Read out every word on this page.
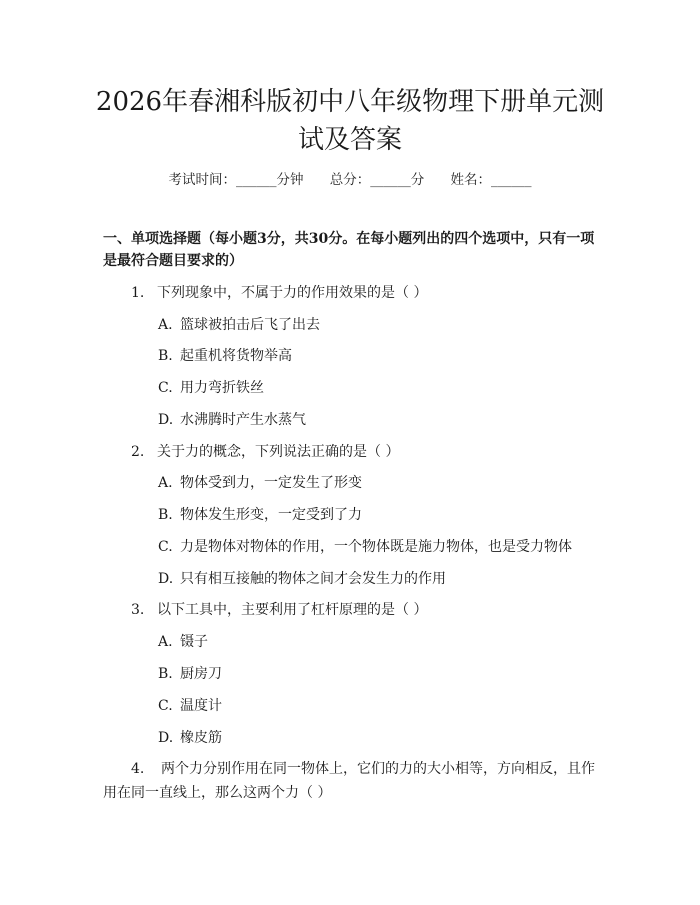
2026年春湘科版初中八年级物理下册单元测
试及答案
考试时间：______分钟 总分：______分 姓名：______

一、单项选择题（每小题3分，共30分。在每小题列出的四个选项中，只有一项是最符合题目要求的）

1. 下列现象中，不属于力的作用效果的是（ ）
A. 篮球被拍击后飞了出去
B. 起重机将货物举高
C. 用力弯折铁丝
D. 水沸腾时产生水蒸气
2. 关于力的概念，下列说法正确的是（ ）
A. 物体受到力，一定发生了形变
B. 物体发生形变，一定受到了力
C. 力是物体对物体的作用，一个物体既是施力物体，也是受力物体
D. 只有相互接触的物体之间才会发生力的作用
3. 以下工具中，主要利用了杠杆原理的是（ ）
A. 镊子
B. 厨房刀
C. 温度计
D. 橡皮筋

4. 两个力分别作用在同一物体上，它们的力的大小相等，方向相反，且作用在同一直线上，那么这两个力（ ）
